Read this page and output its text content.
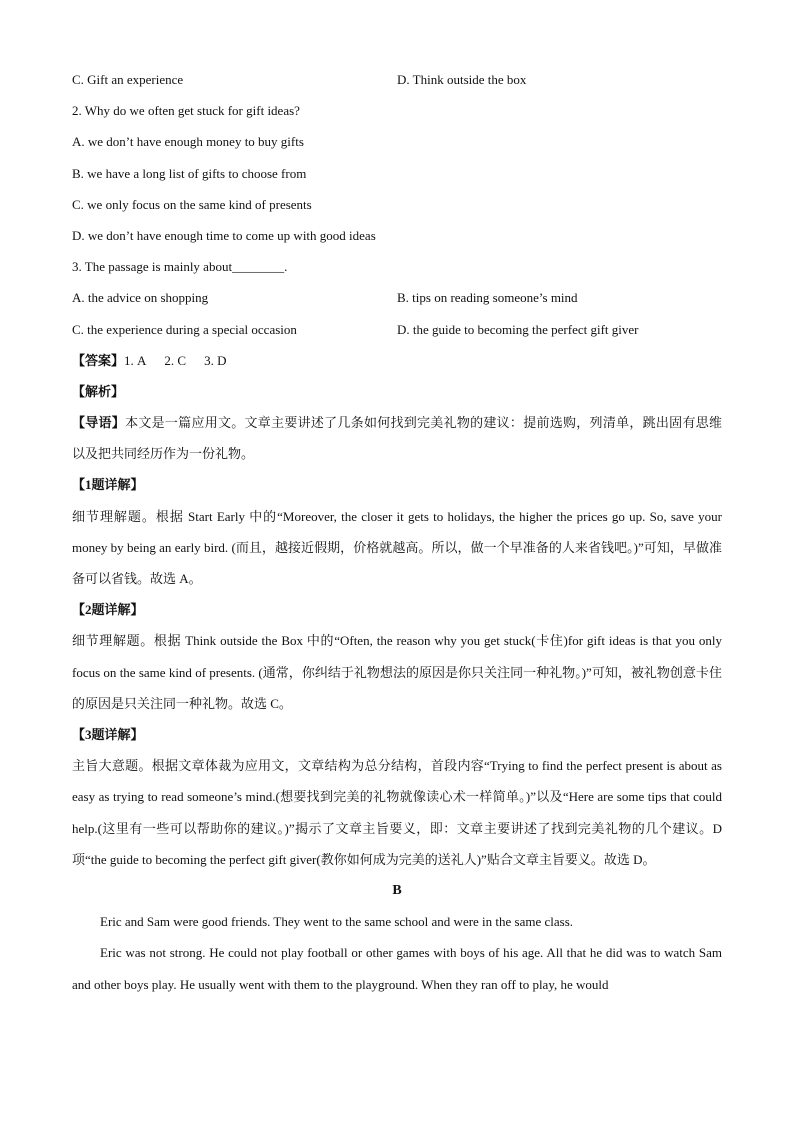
C. Gift an experience	D. Think outside the box
2. Why do we often get stuck for gift ideas?
A. we don’t have enough money to buy gifts
B. we have a long list of gifts to choose from
C. we only focus on the same kind of presents
D. we don’t have enough time to come up with good ideas
3. The passage is mainly about________.
A. the advice on shopping	B. tips on reading someone’s mind
C. the experience during a special occasion	D. the guide to becoming the perfect gift giver
【答案】1. A 2. C 3. D
【解析】

【导语】本文是一篇应用文。文章主要讲述了几条如何找到完美礼物的建议：提前选购，列清单，跳出固有思维以及把共同经历作为一份礼物。

【1题详解】

细节理解题。根据 Start Early 中的“Moreover, the closer it gets to holidays, the higher the prices go up. So, save your money by being an early bird. (而且，越接近假期，价格就越高。所以，做一个早准备的人来省钱吧。)”可知，早做准备可以省钱。故选 A。

【2题详解】

细节理解题。根据 Think outside the Box 中的“Often, the reason why you get stuck(卡住)for gift ideas is that you only focus on the same kind of presents. (通常，你纠结于礼物想法的原因是你只关注同一种礼物。)”可知，被礼物创意卡住的原因是只关注同一种礼物。故选 C。

【3题详解】

主旨大意题。根据文章体裁为应用文，文章结构为总分结构，首段内容“Trying to find the perfect present is about as easy as trying to read someone’s mind.(想要找到完美的礼物就像读心术一样简单。)”以及“Here are some tips that could help.(这里有一些可以帮助你的建议。)”揭示了文章主旨要义，即：文章主要讲述了找到完美礼物的几个建议。D 项“the guide to becoming the perfect gift giver(教你如何成为完美的送礼人)”贴合文章主旨要义。故选 D。

B

Eric and Sam were good friends. They went to the same school and were in the same class.

Eric was not strong. He could not play football or other games with boys of his age. All that he did was to watch Sam and other boys play. He usually went with them to the playground. When they ran off to play, he would
